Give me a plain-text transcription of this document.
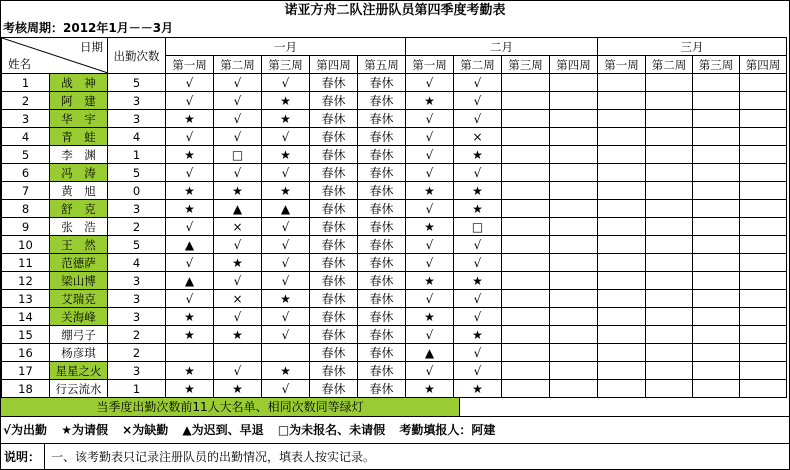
诺亚方舟二队注册队员第四季度考勤表
考核周期：2012年1月－－3月
日期
姓名		出勤次数	一月					二月				三月			
			第一周	第二周	第三周	第四周	第五周	第一周	第二周	第三周	第四周	第一周	第二周	第三周	第四周
1	战　神	5	√	√	√	春休	春休	√	√						
2	阿　建	3	√	√	★	春休	春休	★	√						
3	华　宇	3	★	√	★	春休	春休	√	√						
4	青　蛙	4	√	√	√	春休	春休	√	×						
5	李　渊	1	★	□	★	春休	春休	√	★						
6	冯　涛	5	√	√	√	春休	春休	√	√						
7	黄　旭	0	★	★	★	春休	春休	★	★						
8	舒　克	3	★	▲	▲	春休	春休	√	★						
9	张　浩	2	√	×	√	春休	春休	★	□						
10	王　然	5	▲	√	√	春休	春休	√	√						
11	范德萨	4	√	★	√	春休	春休	√	√						
12	梁山博	3	▲	√	√	春休	春休	★	★						
13	艾瑞克	3	√	×	★	春休	春休	√	√						
14	关海峰	3	★	√	√	春休	春休	★	√						
15	绷弓子	2	★	★	√	春休	春休	√	★						
16	杨彦琪	2				春休	春休	▲	√						
17	星星之火	3	★	√	★	春休	春休	√	√						
18	行云流水	1	★	★	√	春休	春休	★	★						
当季度出勤次数前11人大名单、相同次数同等绿灯
√为出勤 ★为请假 ×为缺勤 ▲为迟到、早退 □为未报名、未请假 考勤填报人：阿建
说明： 一、该考勤表只记录注册队员的出勤情况，填表人按实记录。
